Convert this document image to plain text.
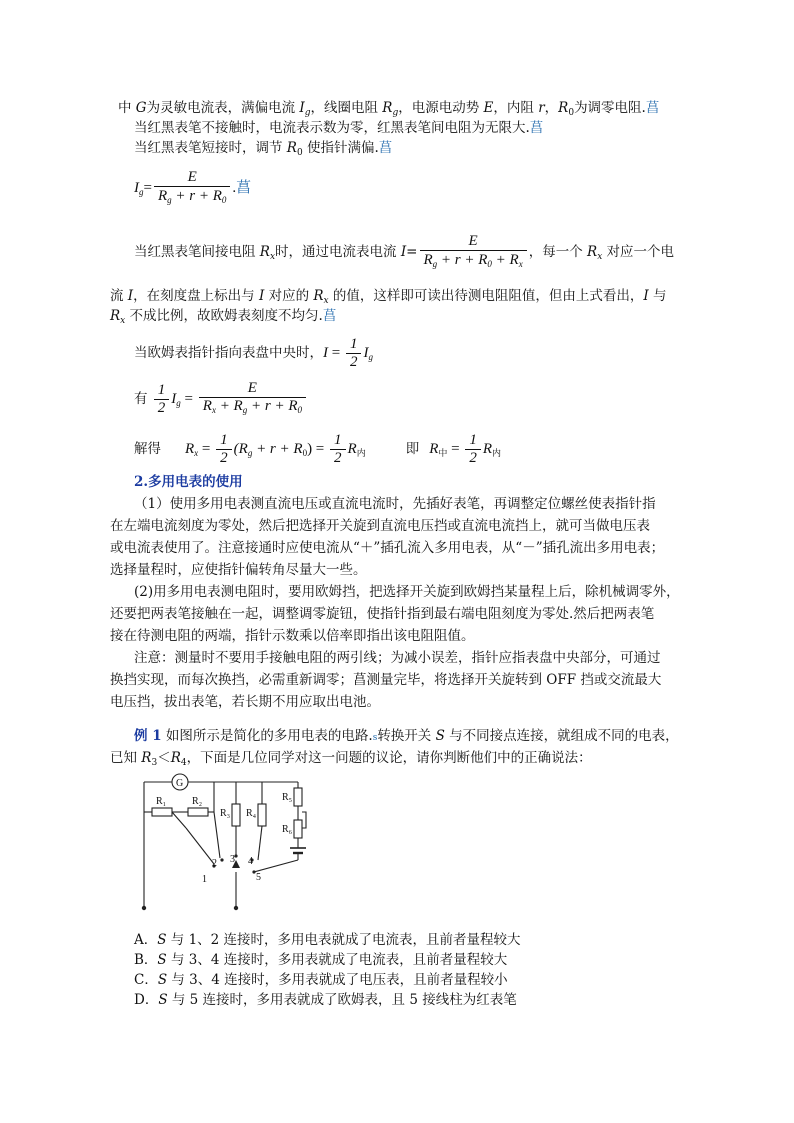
中 G为灵敏电流表，满偏电流 $I_g$，线圈电阻 $R_g$，电源电动势 E，内阻 r，$R_0$为调零电阻.菖
当红黑表笔不接触时，电流表示数为零，红黑表笔间电阻为无限大.菖
当红黑表笔短接时，调节 $R_0$ 使指针满偏.菖
$I_g= \frac{E}{R_g + r + R_0}$ .菖
当红黑表笔间接电阻 $R_x$时，通过电流表电流 $I= \frac{E}{R_g + r + R_0 + R_x}$ ，每一个 $R_x$ 对应一个电
流 I，在刻度盘上标出与 I 对应的 $R_x$ 的值，这样即可读出待测电阻阻值，但由上式看出，I 与
$R_x$ 不成比例，故欧姆表刻度不均匀.菖
当欧姆表指针指向表盘中央时，$I = \frac{1}{2} I_g$
有 $\frac{1}{2} I_g = \frac{E}{R_x + R_g + r + R_0}$
解得 $R_x = \frac{1}{2} (R_g + r + R_0) = \frac{1}{2} R_内$	即 $R_中 = \frac{1}{2} R_内$
2.多用电表的使用
（1）使用多用电表测直流电压或直流电流时，先插好表笔，再调整定位螺丝使表指针指
在左端电流刻度为零处，然后把选择开关旋到直流电压挡或直流电流挡上，就可当做电压表
或电流表使用了。注意接通时应使电流从“＋”插孔流入多用电表，从“－”插孔流出多用电表；
选择量程时，应使指针偏转角尽量大一些。
(2)用多用电表测电阻时，要用欧姆挡，把选择开关旋到欧姆挡某量程上后，除机械调零外，
还要把两表笔接触在一起，调整调零旋钮，使指针指到最右端电阻刻度为零处.然后把两表笔
接在待测电阻的两端，指针示数乘以倍率即指出该电阻阻值。
注意：测量时不要用手接触电阻的两引线；为减小误差，指针应指表盘中央部分，可通过
换挡实现，而每次换挡，必需重新调零；菖测量完毕，将选择开关旋转到 OFF 挡或交流最大
电压挡，拔出表笔，若长期不用应取出电池。
例 1 如图所示是简化的多用电表的电路.s转换开关 S 与不同接点连接，就组成不同的电表，
已知 $R_3<R_4$，下面是几位同学对这一问题的议论，请你判断他们中的正确说法：
G
R₁	R₂
R₃ R₄
R₅
R₆
1
2 3 4
5
A．S 与 1、2 连接时，多用电表就成了电流表，且前者量程较大
B．S 与 3、4 连接时，多用表就成了电流表，且前者量程较大
C．S 与 3、4 连接时，多用表就成了电压表，且前者量程较小
D．S 与 5 连接时，多用表就成了欧姆表，且 5 接线柱为红表笔
